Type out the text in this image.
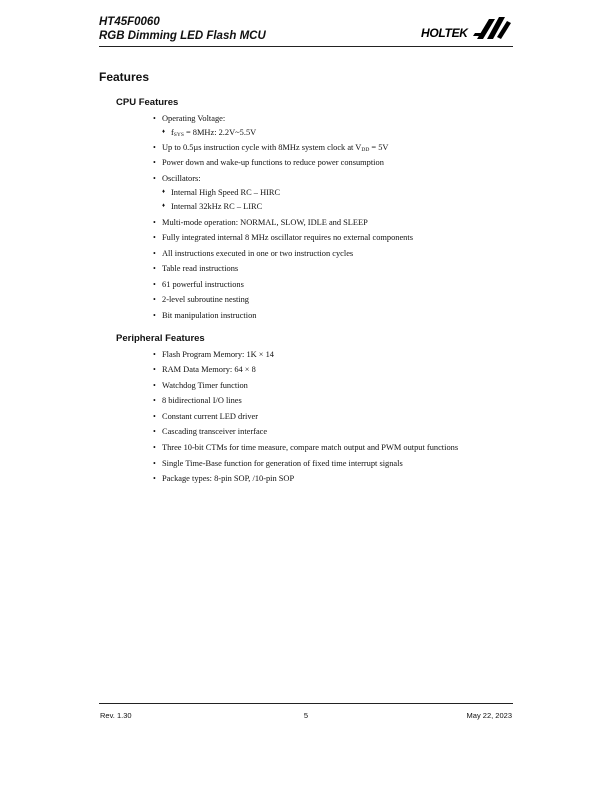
HT45F0060
RGB Dimming LED Flash MCU	HOLTEK
Features
CPU Features
• Operating Voltage:
♦ $f_{SYS} = 8MHz$: 2.2V~5.5V
• Up to 0.5µs instruction cycle with 8MHz system clock at $V_{DD} = 5V$
• Power down and wake-up functions to reduce power consumption
• Oscillators:
♦ Internal High Speed RC – HIRC
♦ Internal 32kHz RC – LIRC
• Multi-mode operation: NORMAL, SLOW, IDLE and SLEEP
• Fully integrated internal 8 MHz oscillator requires no external components
• All instructions executed in one or two instruction cycles
• Table read instructions
• 61 powerful instructions
• 2-level subroutine nesting
• Bit manipulation instruction
Peripheral Features
• Flash Program Memory: 1K × 14
• RAM Data Memory: 64 × 8
• Watchdog Timer function
• 8 bidirectional I/O lines
• Constant current LED driver
• Cascading transceiver interface
• Three 10-bit CTMs for time measure, compare match output and PWM output functions
• Single Time-Base function for generation of fixed time interrupt signals
• Package types: 8-pin SOP, /10-pin SOP
Rev. 1.30	5	May 22, 2023
